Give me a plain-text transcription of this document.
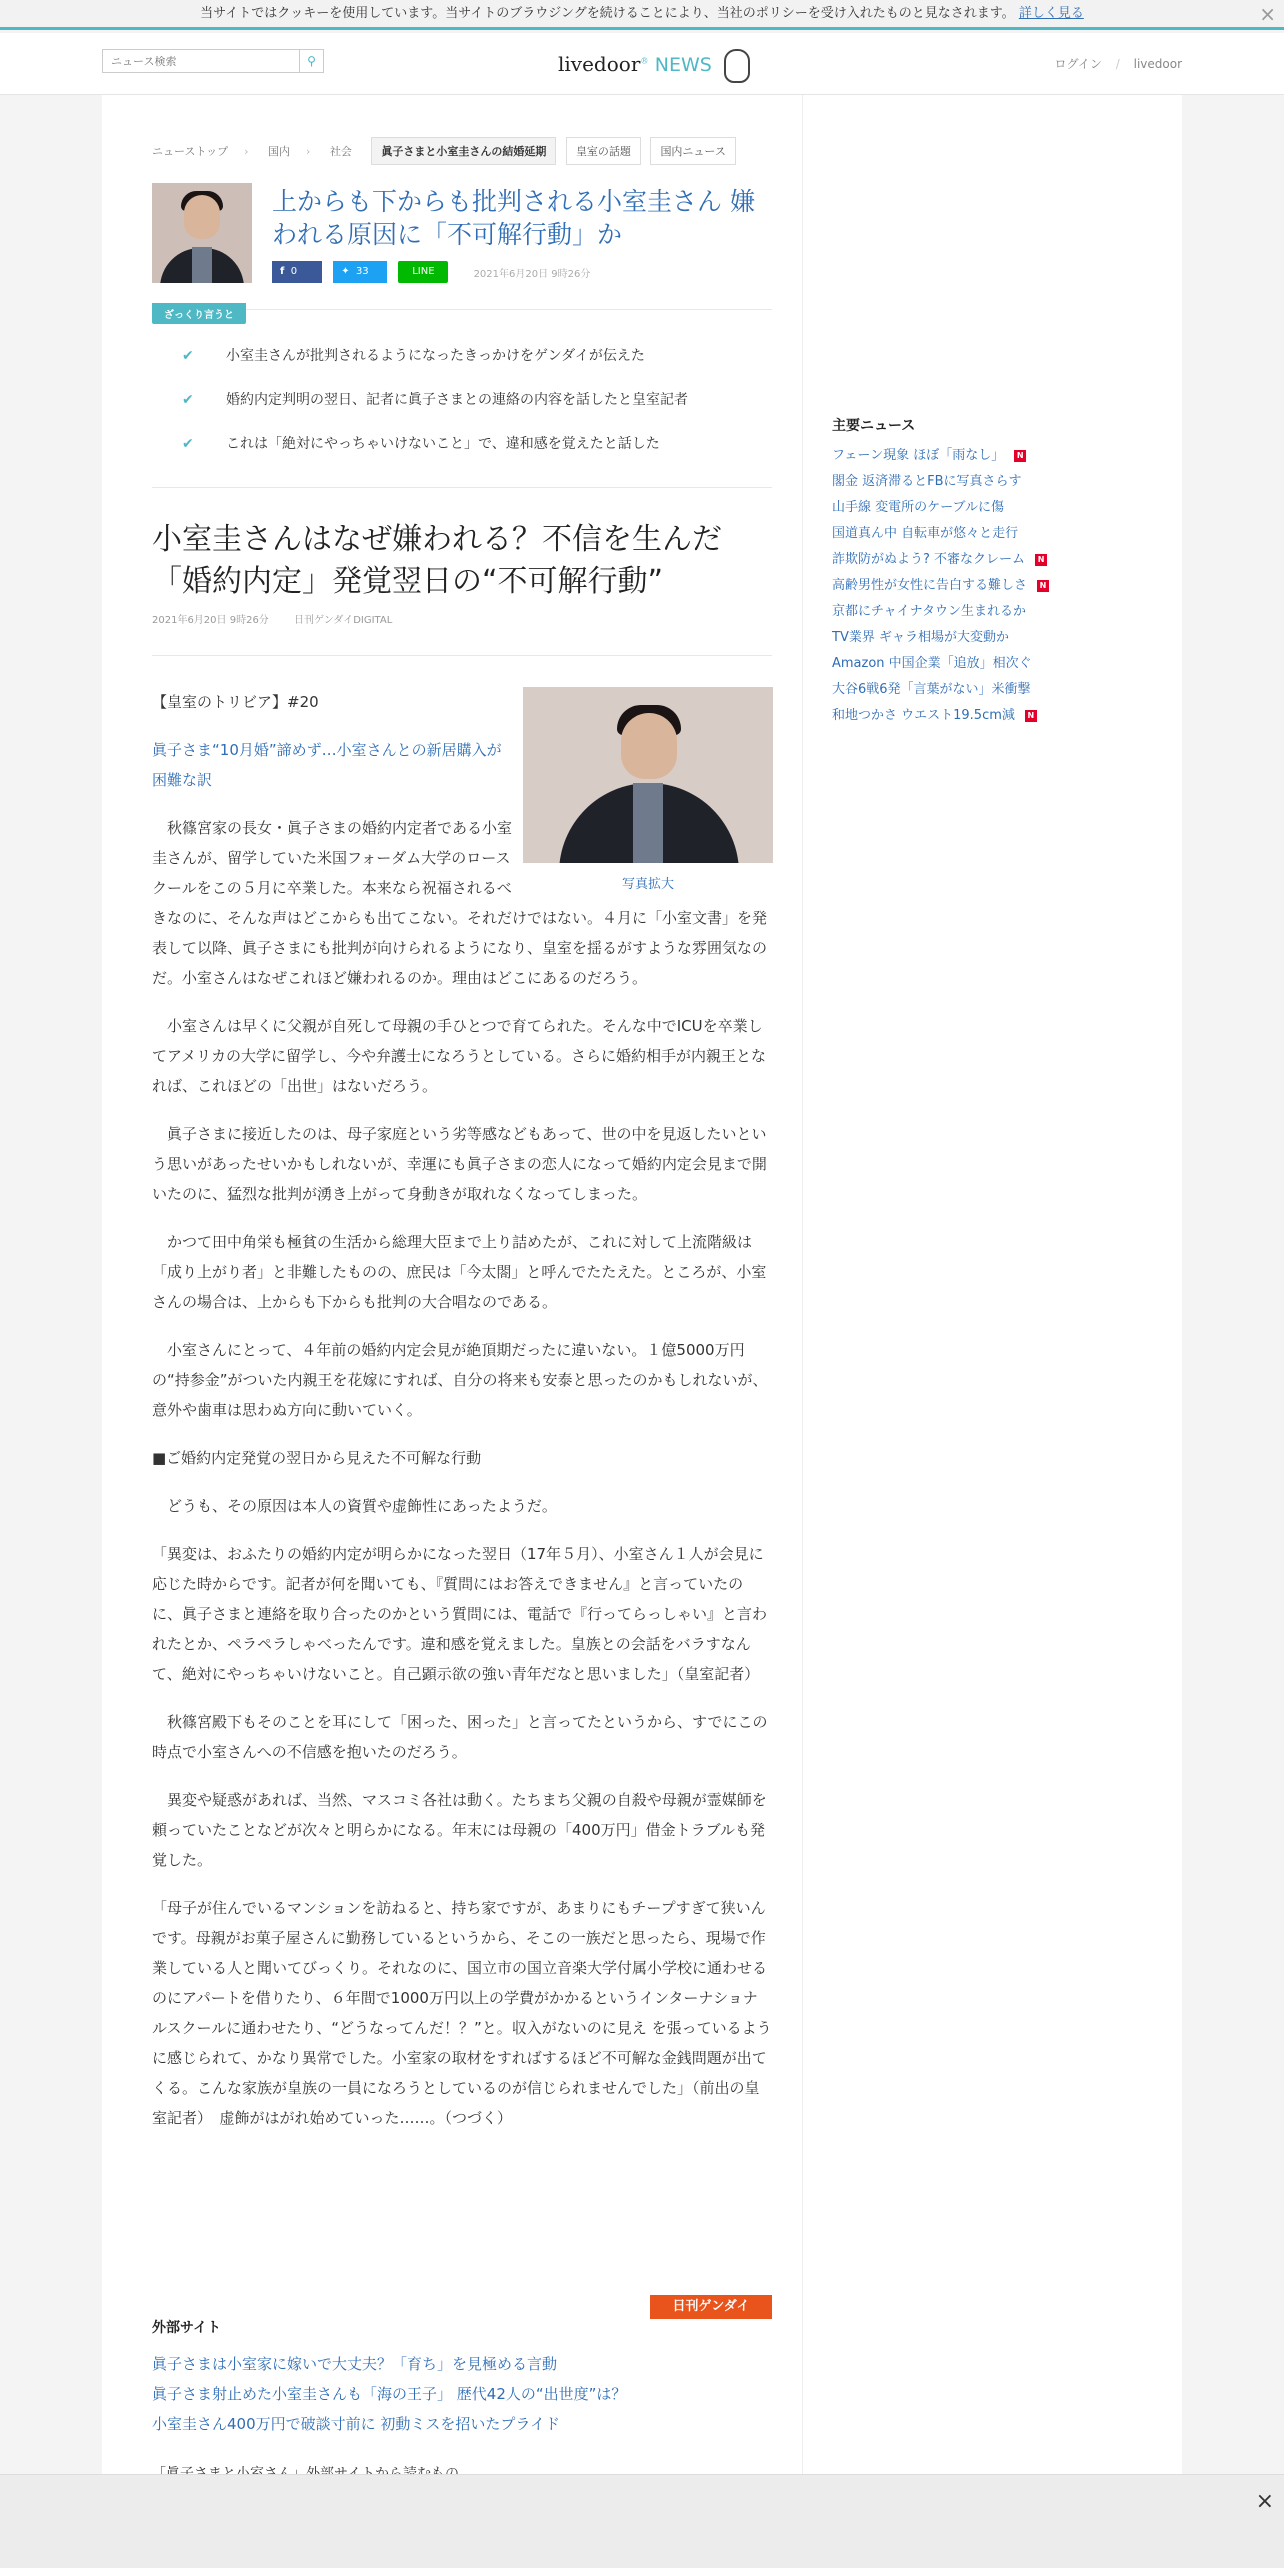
当サイトではクッキーを使用しています。当サイトのブラウジングを続けることにより、当社のポリシーを受け入れたものと見なされます。 詳しく見る	×
ニュース検索
⚲	livedoor® NEWS	ログイン / livedoor
ニューストップ › 国内 › 社会	眞子さまと小室圭さんの結婚延期	皇室の話題	国内ニュース
上からも下からも批判される小室圭さん 嫌われる原因に「不可解行動」か
f 0	✦  33	LINE	2021年6月20日 9時26分
ざっくり言うと
✔ 小室圭さんが批判されるようになったきっかけをゲンダイが伝えた
✔ 婚約内定判明の翌日、記者に眞子さまとの連絡の内容を話したと皇室記者
✔ これは「絶対にやっちゃいけないこと」で、違和感を覚えたと話した
小室圭さんはなぜ嫌われる？不信を生んだ「婚約内定」発覚翌日の“不可解行動”
2021年6月20日 9時26分	日刊ゲンダイDIGITAL
写真拡大

【皇室のトリビア】#20

眞子さま“10月婚”諦めず…小室さんとの新居購入が困難な訳

秋篠宮家の長女・眞子さまの婚約内定者である小室圭さんが、留学していた米国フォーダム大学のロースクールをこの５月に卒業した。本来なら祝福されるべきなのに、そんな声はどこからも出てこない。それだけではない。４月に「小室文書」を発表して以降、眞子さまにも批判が向けられるようになり、皇室を揺るがすような雰囲気なのだ。小室さんはなぜこれほど嫌われるのか。理由はどこにあるのだろう。

小室さんは早くに父親が自死して母親の手ひとつで育てられた。そんな中でICUを卒業してアメリカの大学に留学し、今や弁護士になろうとしている。さらに婚約相手が内親王となれば、これほどの「出世」はないだろう。

眞子さまに接近したのは、母子家庭という劣等感などもあって、世の中を見返したいという思いがあったせいかもしれないが、幸運にも眞子さまの恋人になって婚約内定会見まで開いたのに、猛烈な批判が湧き上がって身動きが取れなくなってしまった。

かつて田中角栄も極貧の生活から総理大臣まで上り詰めたが、これに対して上流階級は「成り上がり者」と非難したものの、庶民は「今太閤」と呼んでたたえた。ところが、小室さんの場合は、上からも下からも批判の大合唱なのである。

小室さんにとって、４年前の婚約内定会見が絶頂期だったに違いない。１億5000万円の“持参金”がついた内親王を花嫁にすれば、自分の将来も安泰と思ったのかもしれないが、意外や歯車は思わぬ方向に動いていく。

■ご婚約内定発覚の翌日から見えた不可解な行動

どうも、その原因は本人の資質や虚飾性にあったようだ。

「異変は、おふたりの婚約内定が明らかになった翌日（17年５月）、小室さん１人が会見に応じた時からです。記者が何を聞いても、『質問にはお答えできません』と言っていたのに、眞子さまと連絡を取り合ったのかという質問には、電話で『行ってらっしゃい』と言われたとか、ペラペラしゃべったんです。違和感を覚えました。皇族との会話をバラすなんて、絶対にやっちゃいけないこと。自己顕示欲の強い青年だなと思いました」（皇室記者）

秋篠宮殿下もそのことを耳にして「困った、困った」と言ってたというから、すでにこの時点で小室さんへの不信感を抱いたのだろう。

異変や疑惑があれば、当然、マスコミ各社は動く。たちまち父親の自殺や母親が霊媒師を頼っていたことなどが次々と明らかになる。年末には母親の「400万円」借金トラブルも発覚した。

「母子が住んでいるマンションを訪ねると、持ち家ですが、あまりにもチープすぎて狭いんです。母親がお菓子屋さんに勤務しているというから、そこの一族だと思ったら、現場で作業している人と聞いてびっくり。それなのに、国立市の国立音楽大学付属小学校に通わせるのにアパートを借りたり、６年間で1000万円以上の学費がかかるというインターナショナルスクールに通わせたり、“どうなってんだ！？”と。収入がないのに見え を張っているように感じられて、かなり異常でした。小室家の取材をすればするほど不可解な金銭問題が出てくる。こんな家族が皇族の一員になろうとしているのが信じられませんでした」（前出の皇室記者）　虚飾がはがれ始めていった……。（つづく）

日刊ゲンダイDIGITAL
外部サイト
眞子さまは小室家に嫁いで大丈夫？「育ち」を見極める言動
眞子さま射止めた小室圭さんも「海の王子」 歴代42人の“出世度”は？
小室圭さん400万円で破談寸前に 初動ミスを招いたプライド
主要ニュース
フェーン現象 ほぼ「雨なし」 N
閣金 返済滞るとFBに写真さらす
山手線 変電所のケーブルに傷
国道真ん中 自転車が悠々と走行
詐欺防がぬよう? 不審なクレーム N
高齢男性が女性に告白する難しさ N
京都にチャイナタウン生まれるか
TV業界 ギャラ相場が大変動か
Amazon 中国企業「追放」相次ぐ
大谷6戦6発「言葉がない」米衝撃
和地つかさ ウエスト19.5cm減 N
×
